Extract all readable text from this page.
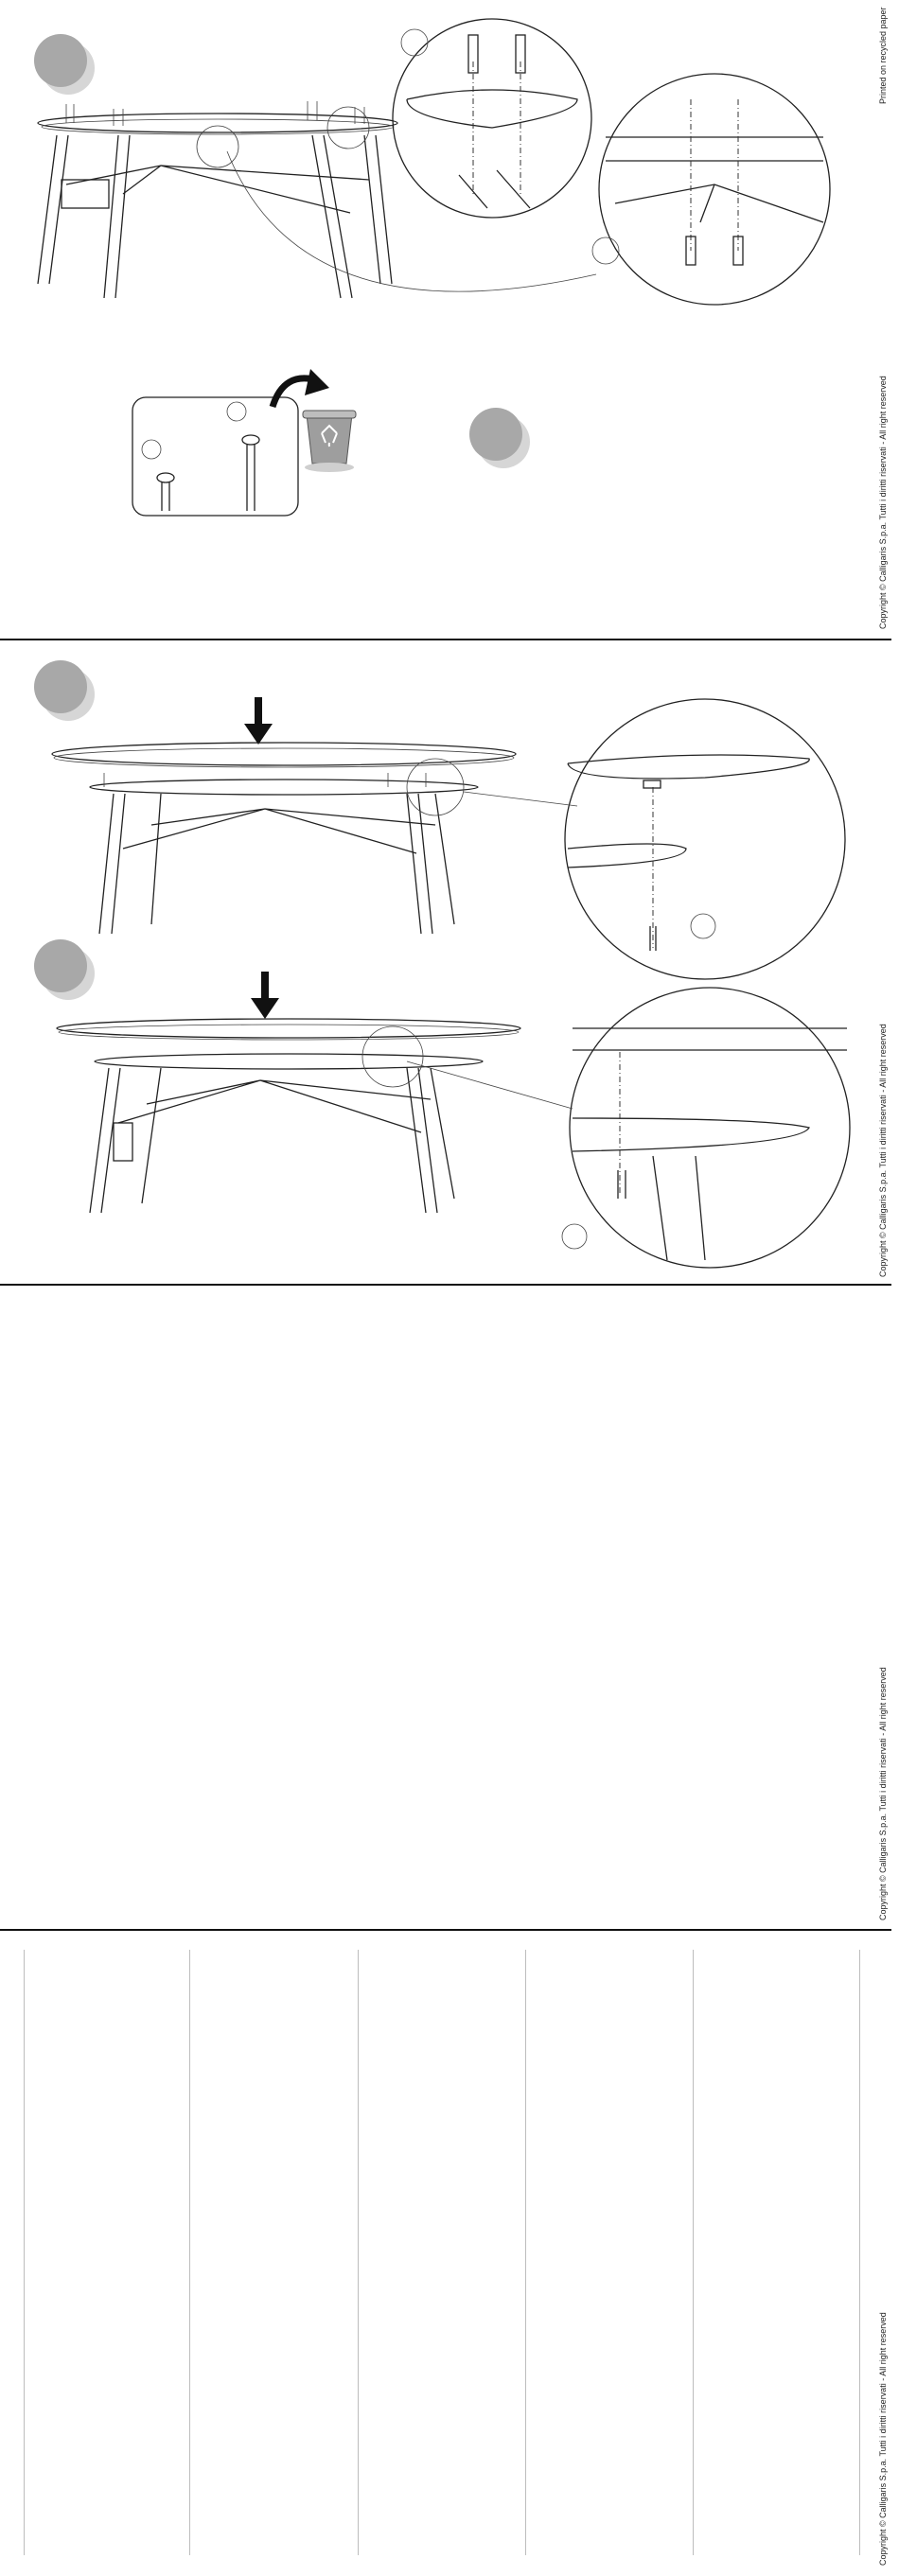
Printed on recycled paper
Copyright © Calligaris S.p.a. Tutti i diritti riservati - All right reserved
Copyright © Calligaris S.p.a. Tutti i diritti riservati - All right reserved
Copyright © Calligaris S.p.a. Tutti i diritti riservati - All right reserved
Copyright © Calligaris S.p.a. Tutti i diritti riservati - All right reserved
